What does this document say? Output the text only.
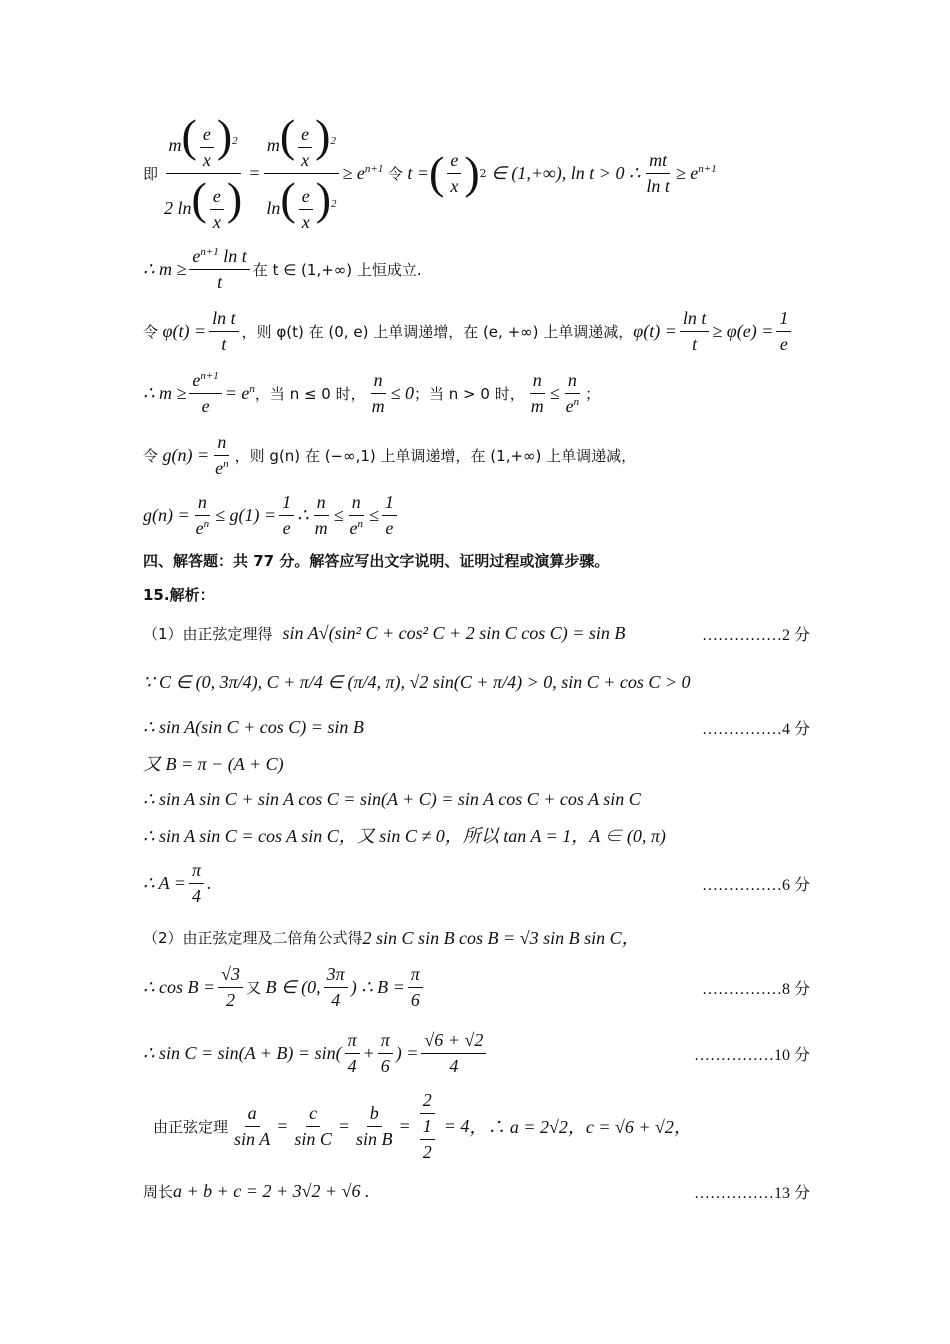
即 $\frac{m( \frac{e}{x} )^2}{2 \ln( \frac{e}{x} )} = \frac{m( \frac{e}{x} )^2}{\ln( \frac{e}{x} )^2} \ge e^{n+1}$ 令 t = ( $\frac{e}{x}$ ) 2 ∈ (1,+∞), ln t > 0 ∴ $\frac{mt}{\text{ln t}} \ge e^{n+1}$
∴ $m \ge \frac{e^{n+1} \ln t}{t}$ 在 t ∈ (1,+∞) 上恒成立.
令 $\varphi(t) = \frac{\text{ln t}}{t}$ ，则 φ(t) 在 (0, e) 上单调递增，在 (e, +∞) 上单调递减， $\varphi(t) = \frac{\text{ln t}}{t} \ge \varphi(e) = \frac{1}{e}$
∴ $m \ge \frac{e^{n+1}}{e} = e^n$ ，当 n ≤ 0 时， $\frac{n}{m} \le 0$ ；当 n > 0 时， $\frac{n}{m} \le \frac{n}{e^n}$ ；
令 $g(n) = \frac{n}{e^n}$ ，则 g(n) 在 (−∞,1) 上单调递增，在 (1,+∞) 上单调递减，
$g(n) = \frac{n}{e^n} \le g(1) = \frac{1}{e}$ ∴ $\frac{n}{m} \le \frac{n}{e^n} \le \frac{1}{e}$
四、解答题：共 77 分。解答应写出文字说明、证明过程或演算步骤。
15.解析：
（1）由正弦定理得 sin A√(sin² C + cos² C + 2 sin C cos C) = sin B	……………2 分
∵ C ∈ (0, 3π/4), C + π/4 ∈ (π/4, π), √2 sin(C + π/4) > 0, sin C + cos C > 0
∴ sin A(sin C + cos C) = sin B	……………4 分
又 B = π − (A + C)
∴ sin A sin C + sin A cos C = sin(A + C) = sin A cos C + cos A sin C
∴ sin A sin C = cos A sin C，又 sin C ≠ 0，所以 tan A = 1，A ∈ (0, π)
∴ $A = \frac{\pi}{4}$ .	……………6 分
（2）由正弦定理及二倍角公式得 2 sin C sin B cos B = √3 sin B sin C，
∴ $\cos B = \frac{√3}{2}$ 又 B ∈ (0, $\frac{3\pi}{4}$ ) ∴ $B = \frac{\pi}{6}$	……………8 分
∴ $\sin C = \sin(A + B) = \sin( \frac{\pi}{4} + \frac{\pi}{6}$ ) = $\frac{√6 + √2}{4}$	……………10 分
由正弦定理 $\frac{a}{\text{sin A}} = \frac{c}{\text{sin C}} = \frac{b}{\text{sin B}} = \frac{2}{\frac{1}{2}} = 4$ ，∴ a = 2√2，c = √6 + √2，
周长 a + b + c = 2 + 3√2 + √6 .	……………13 分
